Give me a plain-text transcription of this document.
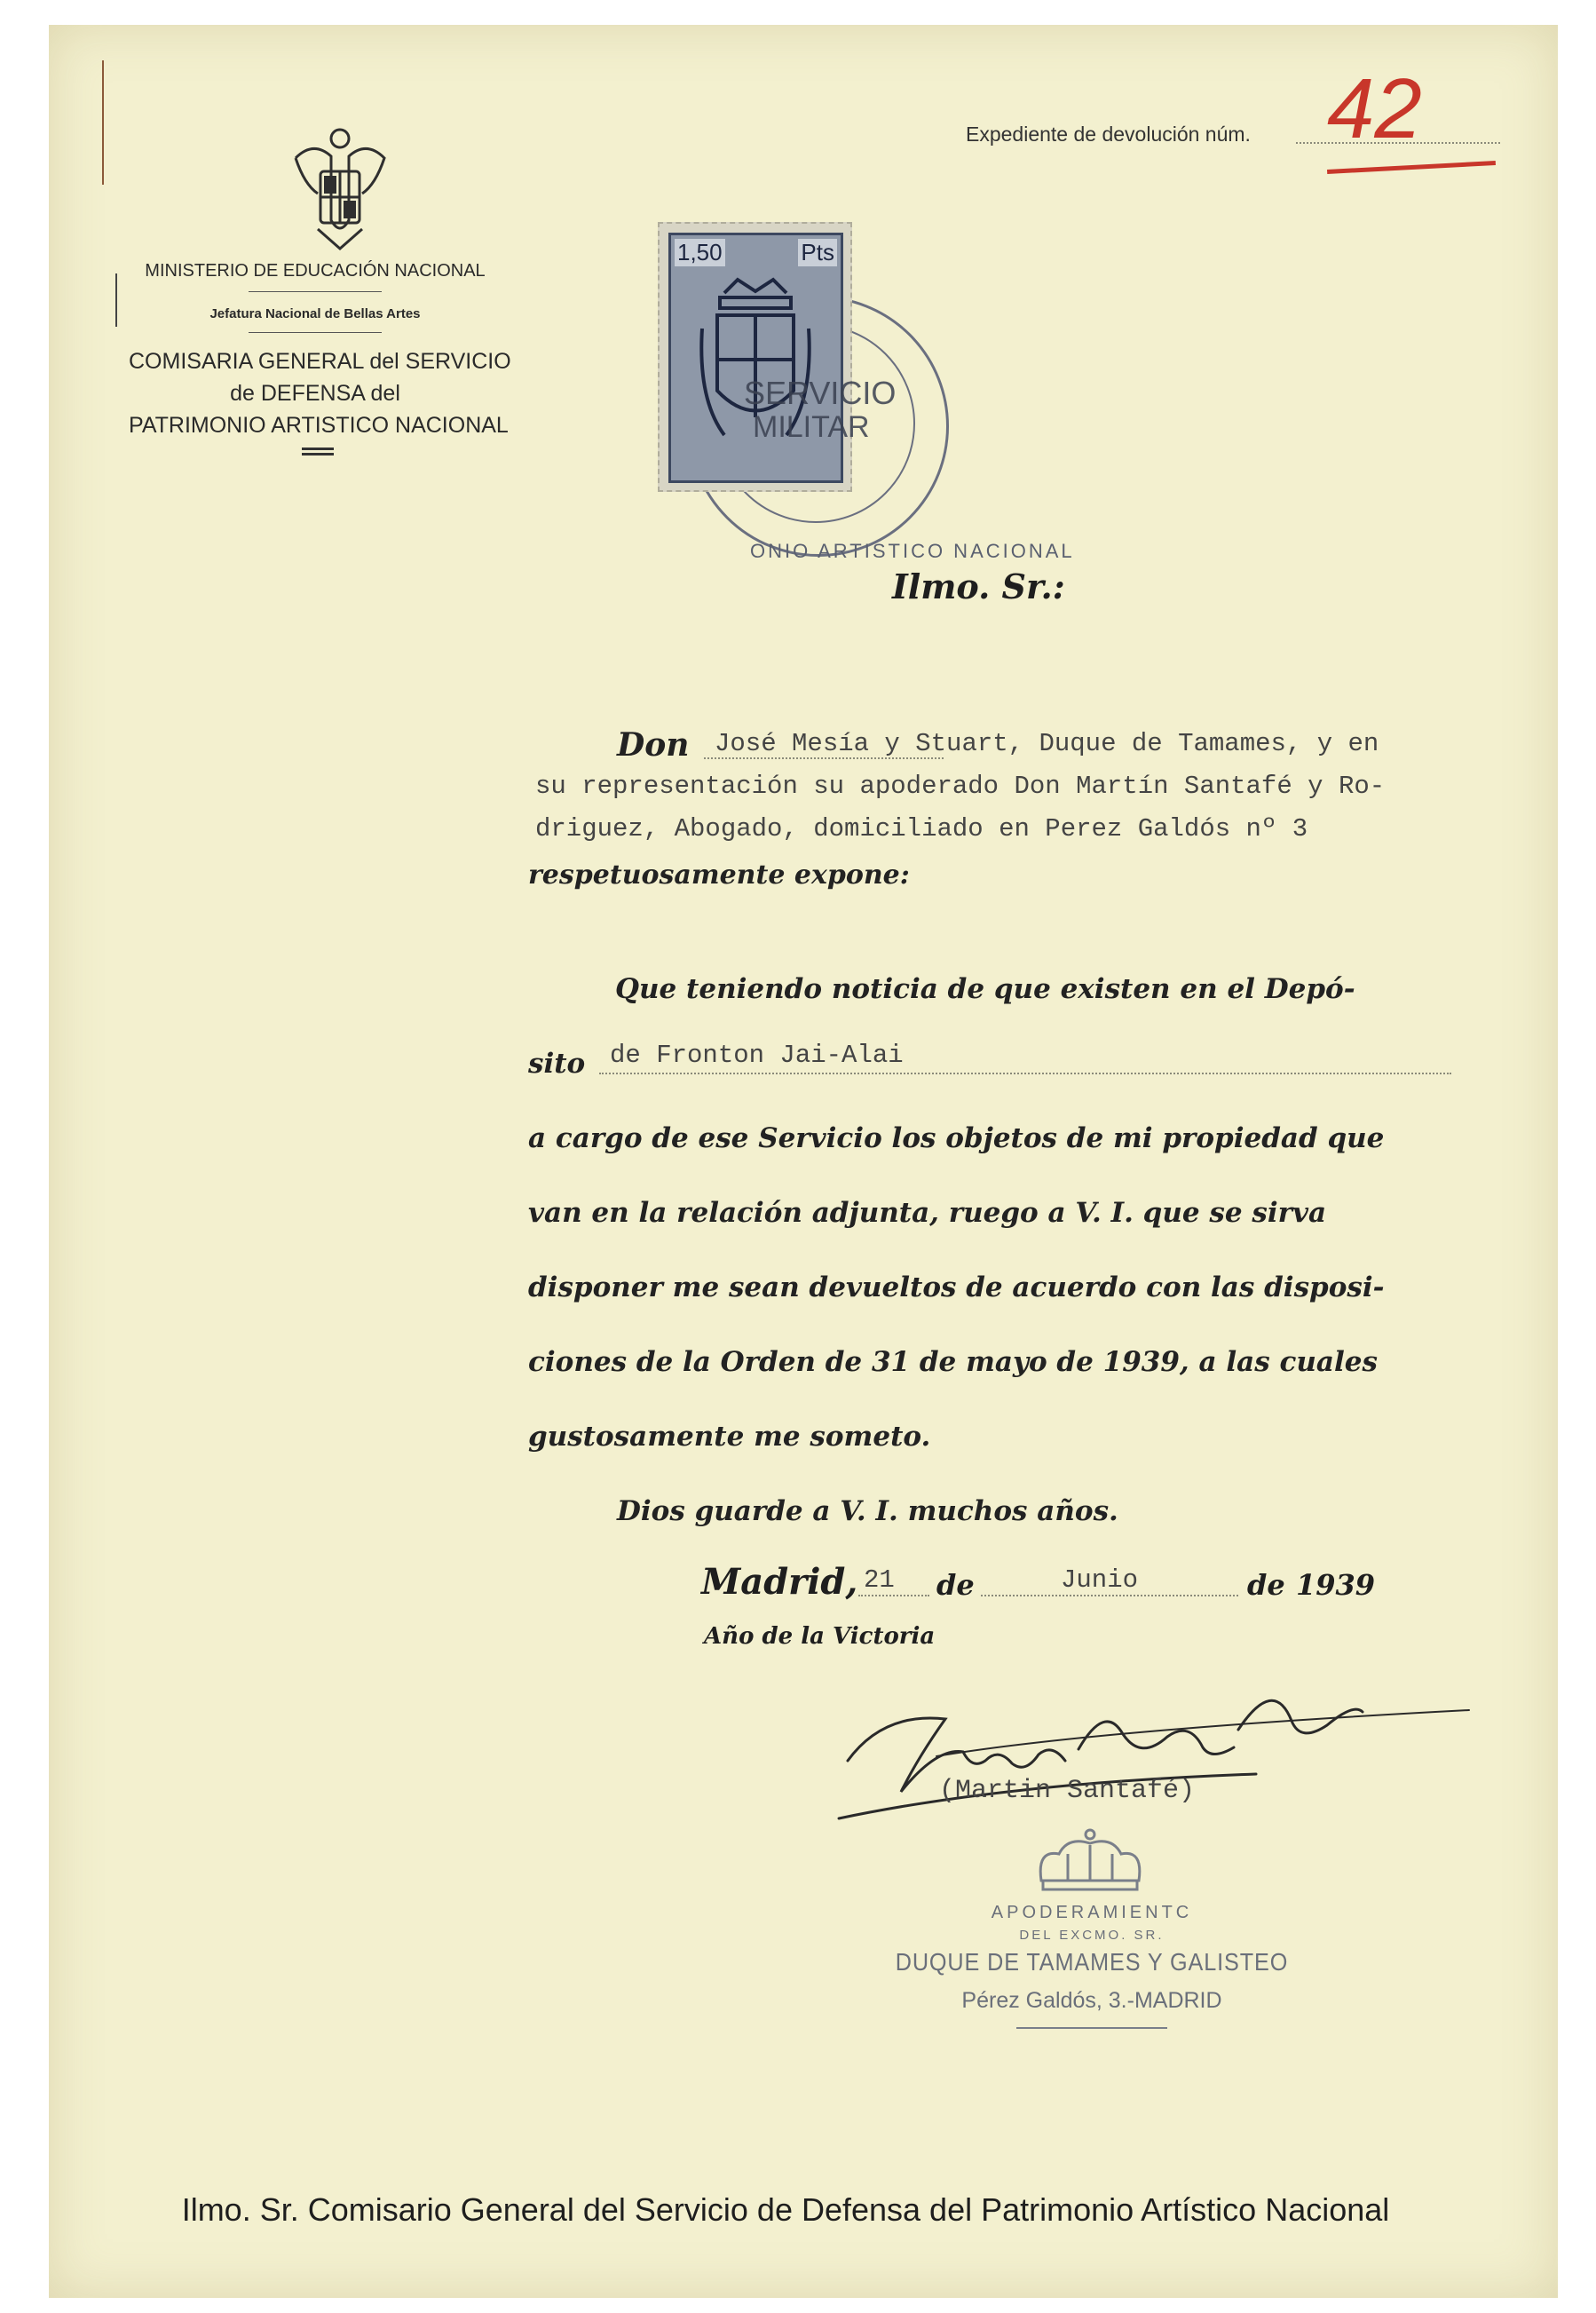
Expediente de devolución núm. 42
MINISTERIO DE EDUCACIÓN NACIONAL
Jefatura Nacional de Bellas Artes
COMISARIA GENERAL del SERVICIO
de DEFENSA del
PATRIMONIO ARTISTICO NACIONAL
ONIO ARTISTICO NACIONAL
1,50	Pts
SERVICIO
MILITAR
Ilmo. Sr.:
Don José Mesía y Stuart, Duque de Tamames, y en
su representación su apoderado Don Martín Santafé y Ro-
driguez, Abogado, domiciliado en Perez Galdós nº 3
respetuosamente expone:
Que teniendo noticia de que existen en el Depó-
sito de Fronton Jai-Alai
a cargo de ese Servicio los objetos de mi propiedad que
van en la relación adjunta, ruego a V. I. que se sirva
disponer me sean devueltos de acuerdo con las disposi-
ciones de la Orden de 31 de mayo de 1939, a las cuales
gustosamente me someto.
Dios guarde a V. I. muchos años.
Madrid, 21 de	Junio	de 1939
Año de la Victoria
(Martin Santafé)
APODERAMIENTC
DEL EXCMO. SR.
DUQUE DE TAMAMES Y GALISTEO
Pérez Galdós, 3.-MADRID
Ilmo. Sr. Comisario General del Servicio de Defensa del Patrimonio Artístico Nacional
